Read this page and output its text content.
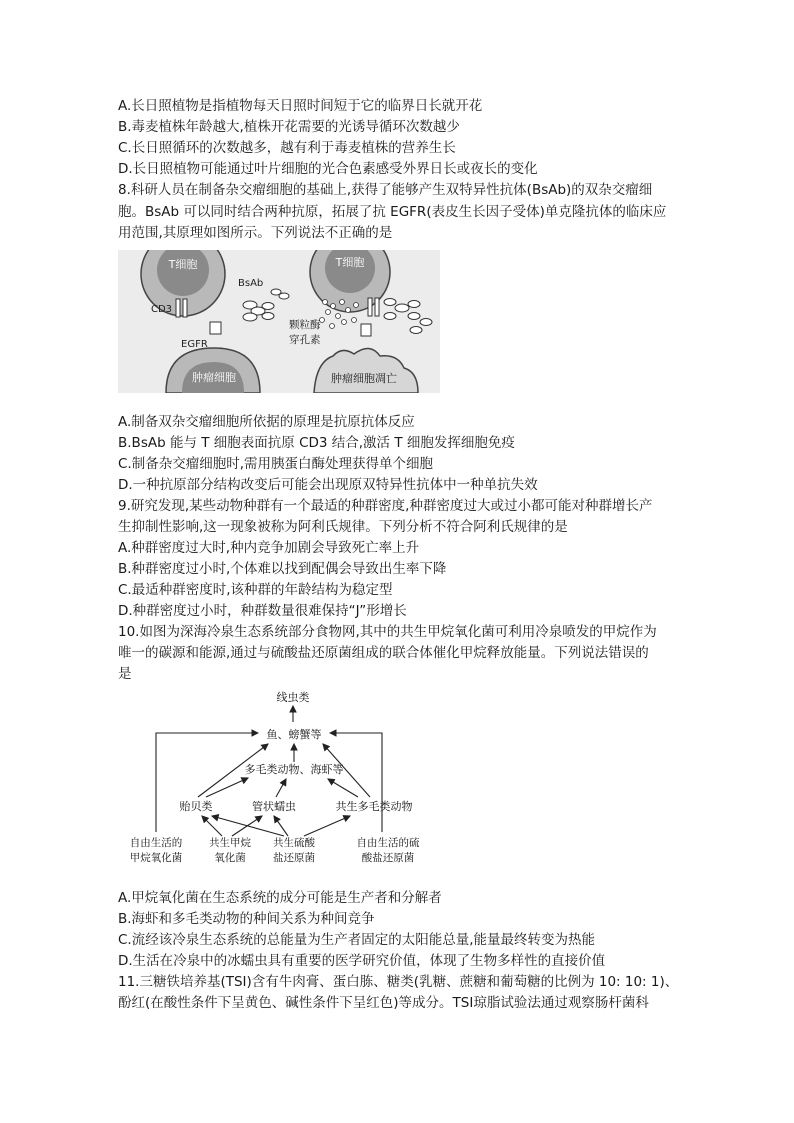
A.长日照植物是指植物每天日照时间短于它的临界日长就开花
B.毒麦植株年龄越大,植株开花需要的光诱导循环次数越少
C.长日照循环的次数越多，越有利于毒麦植株的营养生长
D.长日照植物可能通过叶片细胞的光合色素感受外界日长或夜长的变化
8.科研人员在制备杂交瘤细胞的基础上,获得了能够产生双特异性抗体(BsAb)的双杂交瘤细
胞。BsAb 可以同时结合两种抗原，拓展了抗 EGFR(表皮生长因子受体)单克隆抗体的临床应
用范围,其原理如图所示。下列说法不正确的是
T细胞	T细胞
CD3
BsAb
EGFR
肿瘤细胞
颗粒酶
穿孔素
肿瘤细胞凋亡
A.制备双杂交瘤细胞所依据的原理是抗原抗体反应
B.BsAb 能与 T 细胞表面抗原 CD3 结合,激活 T 细胞发挥细胞免疫
C.制备杂交瘤细胞时,需用胰蛋白酶处理获得单个细胞
D.一种抗原部分结构改变后可能会出现原双特异性抗体中一种单抗失效
9.研究发现,某些动物种群有一个最适的种群密度,种群密度过大或过小都可能对种群增长产
生抑制性影响,这一现象被称为阿利氏规律。下列分析不符合阿利氏规律的是
A.种群密度过大时,种内竞争加剧会导致死亡率上升
B.种群密度过小时,个体难以找到配偶会导致出生率下降
C.最适种群密度时,该种群的年龄结构为稳定型
D.种群密度过小时，种群数量很难保持“J”形增长
10.如图为深海冷泉生态系统部分食物网,其中的共生甲烷氧化菌可利用冷泉喷发的甲烷作为
唯一的碳源和能源,通过与硫酸盐还原菌组成的联合体催化甲烷释放能量。下列说法错误的
是
线虫类
鱼、螃蟹等
多毛类动物、海虾等
贻贝类	管状蠕虫	共生多毛类动物
自由生活的
甲烷氧化菌
共生甲烷
氧化菌
共生硫酸
盐还原菌
自由生活的硫
酸盐还原菌
A.甲烷氧化菌在生态系统的成分可能是生产者和分解者
B.海虾和多毛类动物的种间关系为种间竞争
C.流经该冷泉生态系统的总能量为生产者固定的太阳能总量,能量最终转变为热能
D.生活在冷泉中的冰蠕虫具有重要的医学研究价值，体现了生物多样性的直接价值
11.三糖铁培养基(TSI)含有牛肉膏、蛋白胨、糖类(乳糖、蔗糖和葡萄糖的比例为 10: 10: 1)、
酚红(在酸性条件下呈黄色、碱性条件下呈红色)等成分。TSI琼脂试验法通过观察肠杆菌科
